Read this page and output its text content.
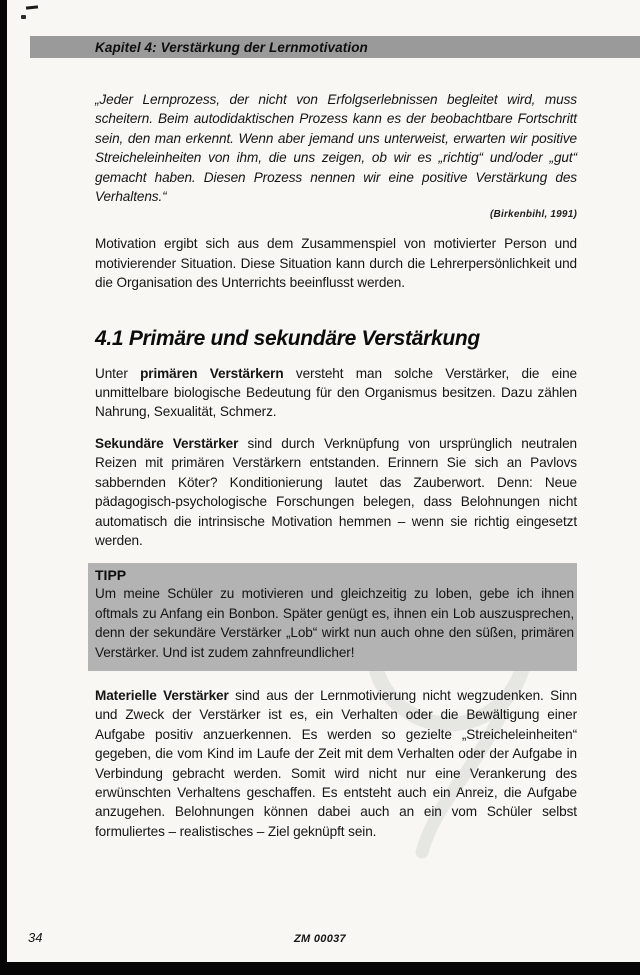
Kapitel 4: Verstärkung der Lernmotivation

„Jeder Lernprozess, der nicht von Erfolgserlebnissen begleitet wird, muss scheitern. Beim autodidaktischen Prozess kann es der beobachtbare Fortschritt sein, den man erkennt. Wenn aber jemand uns unterweist, erwarten wir positive Streicheleinheiten von ihm, die uns zeigen, ob wir es „richtig“ und/oder „gut“ gemacht haben. Diesen Prozess nennen wir eine positive Verstärkung des Verhaltens.“

(Birkenbihl, 1991)

Motivation ergibt sich aus dem Zusammenspiel von motivierter Person und motivierender Situation. Diese Situation kann durch die Lehrerpersönlichkeit und die Organisation des Unterrichts beeinflusst werden.

4.1 Primäre und sekundäre Verstärkung

Unter primären Verstärkern versteht man solche Verstärker, die eine unmittelbare biologische Bedeutung für den Organismus besitzen. Dazu zählen Nahrung, Sexualität, Schmerz.

Sekundäre Verstärker sind durch Verknüpfung von ursprünglich neutralen Reizen mit primären Verstärkern entstanden. Erinnern Sie sich an Pavlovs sabbernden Köter? Konditionierung lautet das Zauberwort. Denn: Neue pädagogisch-psychologische Forschungen belegen, dass Belohnungen nicht automatisch die intrinsische Motivation hemmen – wenn sie richtig eingesetzt werden.

TIPP
Um meine Schüler zu motivieren und gleichzeitig zu loben, gebe ich ihnen oftmals zu Anfang ein Bonbon. Später genügt es, ihnen ein Lob auszusprechen, denn der sekundäre Verstärker „Lob“ wirkt nun auch ohne den süßen, primären Verstärker. Und ist zudem zahnfreundlicher!

Materielle Verstärker sind aus der Lernmotivierung nicht wegzudenken. Sinn und Zweck der Verstärker ist es, ein Verhalten oder die Bewältigung einer Aufgabe positiv anzuerkennen. Es werden so gezielte „Streicheleinheiten“ gegeben, die vom Kind im Laufe der Zeit mit dem Verhalten oder der Aufgabe in Verbindung gebracht werden. Somit wird nicht nur eine Verankerung des erwünschten Verhaltens geschaffen. Es entsteht auch ein Anreiz, die Aufgabe anzugehen. Belohnungen können dabei auch an ein vom Schüler selbst formuliertes – realistisches – Ziel geknüpft sein.

34	ZM 00037
